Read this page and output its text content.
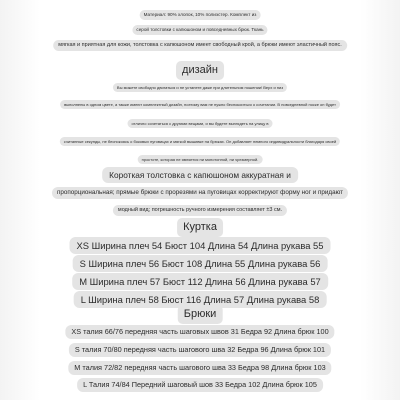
Материал: 90% хлопок, 10% полиэстер. Комплект из
серой толстовки с капюшоном и повседневных брюк. Ткань
мягкая и приятная для кожи, толстовка с капюшоном имеет свободный крой, а брюки имеют эластичный пояс.
дизайн
Вы можете свободно двигаться и не устанете даже при длительном ношении! Верх и низ
выполнены в одном цвете, а также имеют комплектный дизайн, поэтому вам не нужно беспокоиться о сочетании. В повседневной носке он будет
отлично сочетаться с другими вещами, и вы будете выглядеть на улицу в
считанные секунды, не беспокоясь о боковых пуговицах и мягкой вышивке на брюках. Он добавляет немного индивидуальности благодаря своей
простоте, которая не является ни монотонной, ни чрезмерной.
Короткая толстовка с капюшоном аккуратная и
пропорциональная; прямые брюки с прорезями на пуговицах корректируют форму ног и придают
модный вид; погрешность ручного измерения составляет ±3 см.
Куртка
XS Ширина плеч 54 Бюст 104 Длина 54 Длина рукава 55
S Ширина плеч 56 Бюст 108 Длина 55 Длина рукава 56
M Ширина плеч 57 Бюст 112 Длина 56 Длина рукава 57
L Ширина плеч 58 Бюст 116 Длина 57 Длина рукава 58
Брюки
XS талия 66/76 передняя часть шаговых швов 31 Бедра 92 Длина брюк 100
S талия 70/80 передняя часть шагового шва 32 Бедра 96 Длина брюк 101
M талия 72/82 передняя часть шагового шва 33 Бедра 98 Длина брюк 103
L Талия 74/84 Передний шаговый шов 33 Бедра 102 Длина брюк 105
